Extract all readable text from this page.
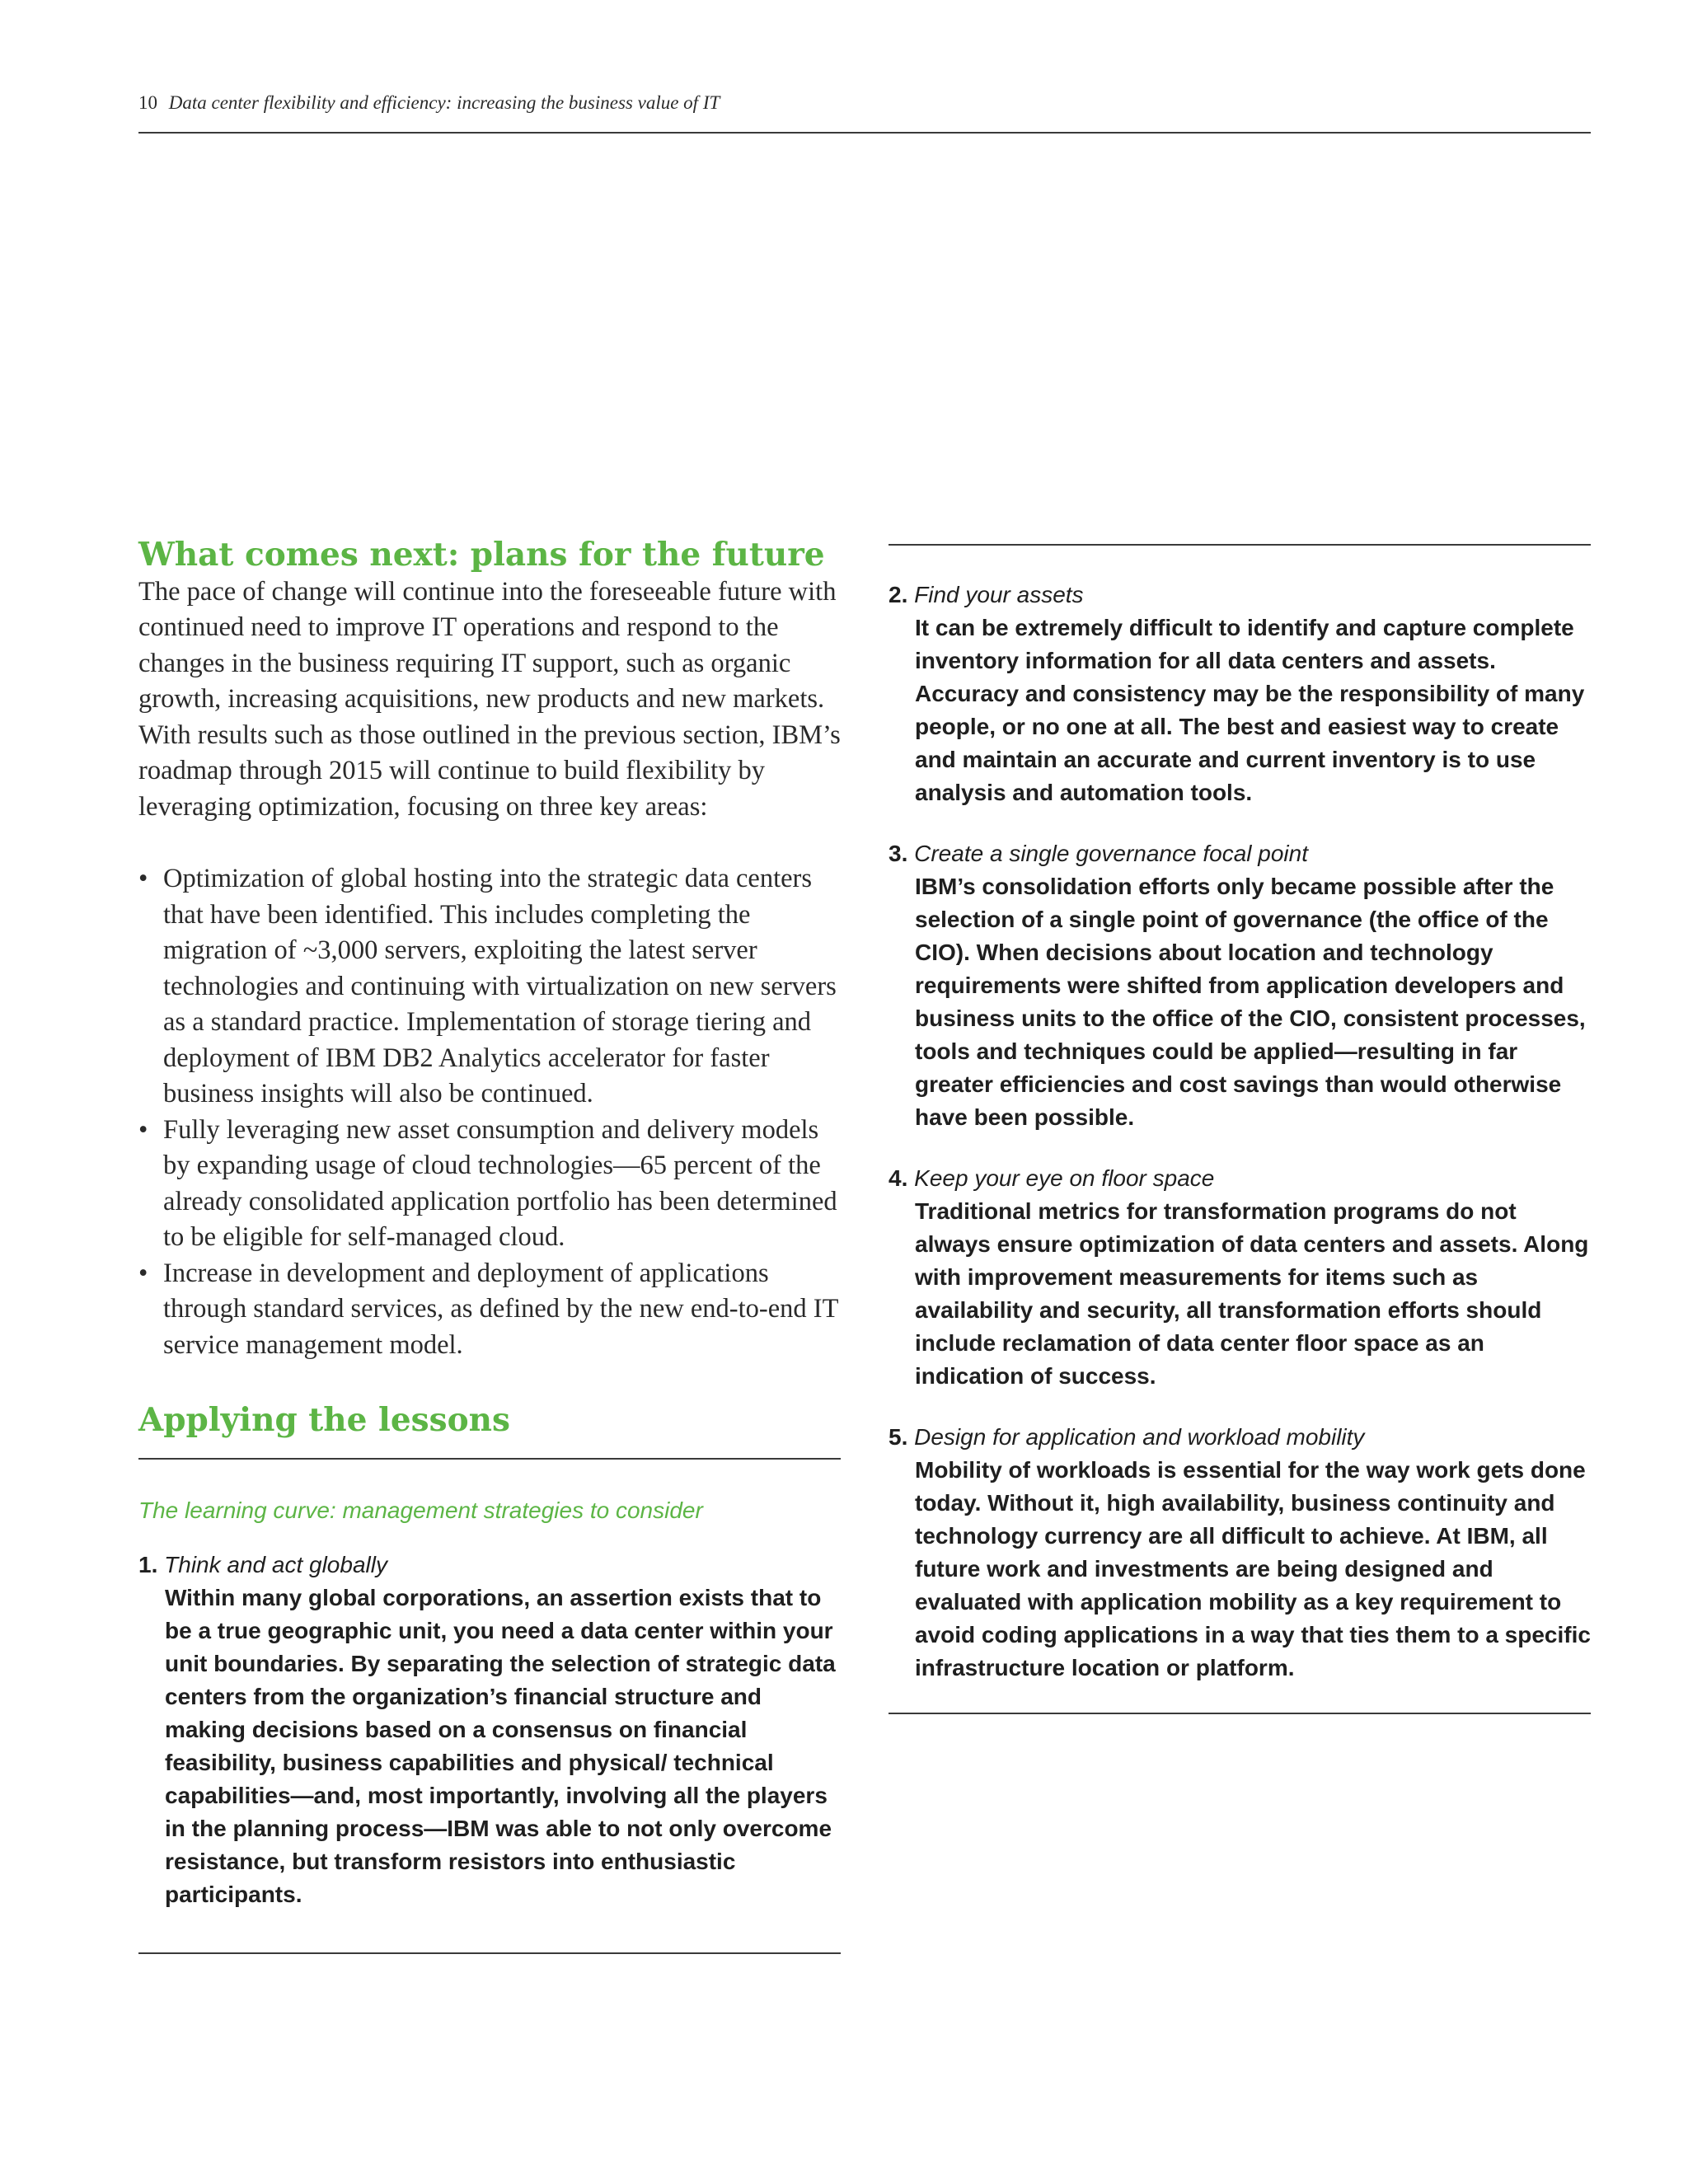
10 Data center flexibility and efficiency: increasing the business value of IT
What comes next: plans for the future

The pace of change will continue into the foreseeable future with continued need to improve IT operations and respond to the changes in the business requiring IT support, such as organic growth, increasing acquisitions, new products and new markets. With results such as those outlined in the previous section, IBM’s roadmap through 2015 will continue to build flexibility by leveraging optimization, focusing on three key areas:

• Optimization of global hosting into the strategic data centers that have been identified. This includes completing the migration of ~3,000 servers, exploiting the latest server technologies and continuing with virtualization on new servers as a standard practice. Implementation of storage tiering and deployment of IBM DB2 Analytics accelerator for faster business insights will also be continued.
• Fully leveraging new asset consumption and delivery models by expanding usage of cloud technologies—65 percent of the already consolidated application portfolio has been determined to be eligible for self-managed cloud.
• Increase in development and deployment of applications through standard services, as defined by the new end-to-end IT service management model.
Applying the lessons

The learning curve: management strategies to consider

1. Think and act globally

Within many global corporations, an assertion exists that to be a true geographic unit, you need a data center within your unit boundaries. By separating the selection of strategic data centers from the organization’s financial structure and making decisions based on a consensus on financial feasibility, business capabilities and physical/ technical capabilities—and, most importantly, involving all the players in the planning process—IBM was able to not only overcome resistance, but transform resistors into enthusiastic participants.

2. Find your assets

It can be extremely difficult to identify and capture complete inventory information for all data centers and assets. Accuracy and consistency may be the responsibility of many people, or no one at all. The best and easiest way to create and maintain an accurate and current inventory is to use analysis and automation tools.

3. Create a single governance focal point

IBM’s consolidation efforts only became possible after the selection of a single point of governance (the office of the CIO). When decisions about location and technology requirements were shifted from application developers and business units to the office of the CIO, consistent processes, tools and techniques could be applied—resulting in far greater efficiencies and cost savings than would otherwise have been possible.

4. Keep your eye on floor space

Traditional metrics for transformation programs do not always ensure optimization of data centers and assets. Along with improvement measurements for items such as availability and security, all transformation efforts should include reclamation of data center floor space as an indication of success.

5. Design for application and workload mobility

Mobility of workloads is essential for the way work gets done today. Without it, high availability, business continuity and technology currency are all difficult to achieve. At IBM, all future work and investments are being designed and evaluated with application mobility as a key requirement to avoid coding applications in a way that ties them to a specific infrastructure location or platform.
